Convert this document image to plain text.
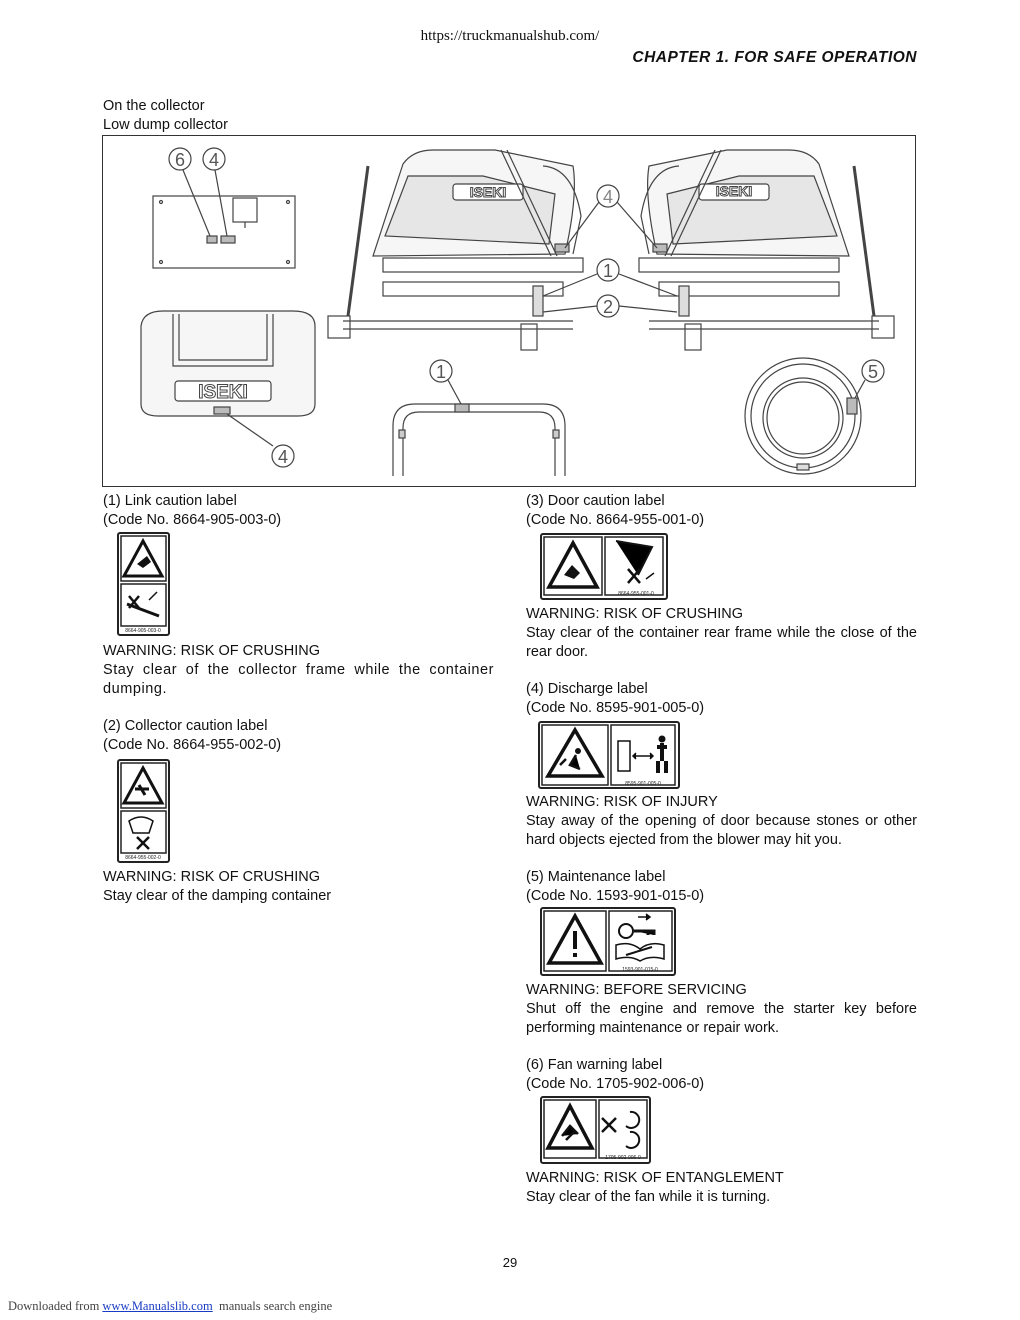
https://truckmanualshub.com/
CHAPTER 1. FOR SAFE OPERATION
On the collector
Low dump collector
6 4
ISEKI	ISEKI
4
1
2
ISEKI
4
1	5
(1) Link caution label
(Code No. 8664-905-003-0)
8664-905-003-0
WARNING: RISK OF CRUSHING
Stay clear of the collector frame while the container dumping.
(2) Collector caution label
(Code No. 8664-955-002-0)
8664-955-002-0
WARNING: RISK OF CRUSHING
Stay clear of the damping container
(3) Door caution label
(Code No. 8664-955-001-0)
8664-955-001-0
WARNING: RISK OF CRUSHING
Stay clear of the container rear frame while the close of the rear door.
(4) Discharge label
(Code No. 8595-901-005-0)
8595-901-005-0
WARNING: RISK OF INJURY
Stay away of the opening of door because stones or other hard objects ejected from the blower may hit you.
(5) Maintenance label
(Code No. 1593-901-015-0)
1593-901-015-0
WARNING: BEFORE SERVICING
Shut off the engine and remove the starter key before performing maintenance or repair work.
(6) Fan warning label
(Code No. 1705-902-006-0)
1705-902-006-0
WARNING: RISK OF ENTANGLEMENT
Stay clear of the fan while it is turning.
29
Downloaded from www.Manualslib.com  manuals search engine
